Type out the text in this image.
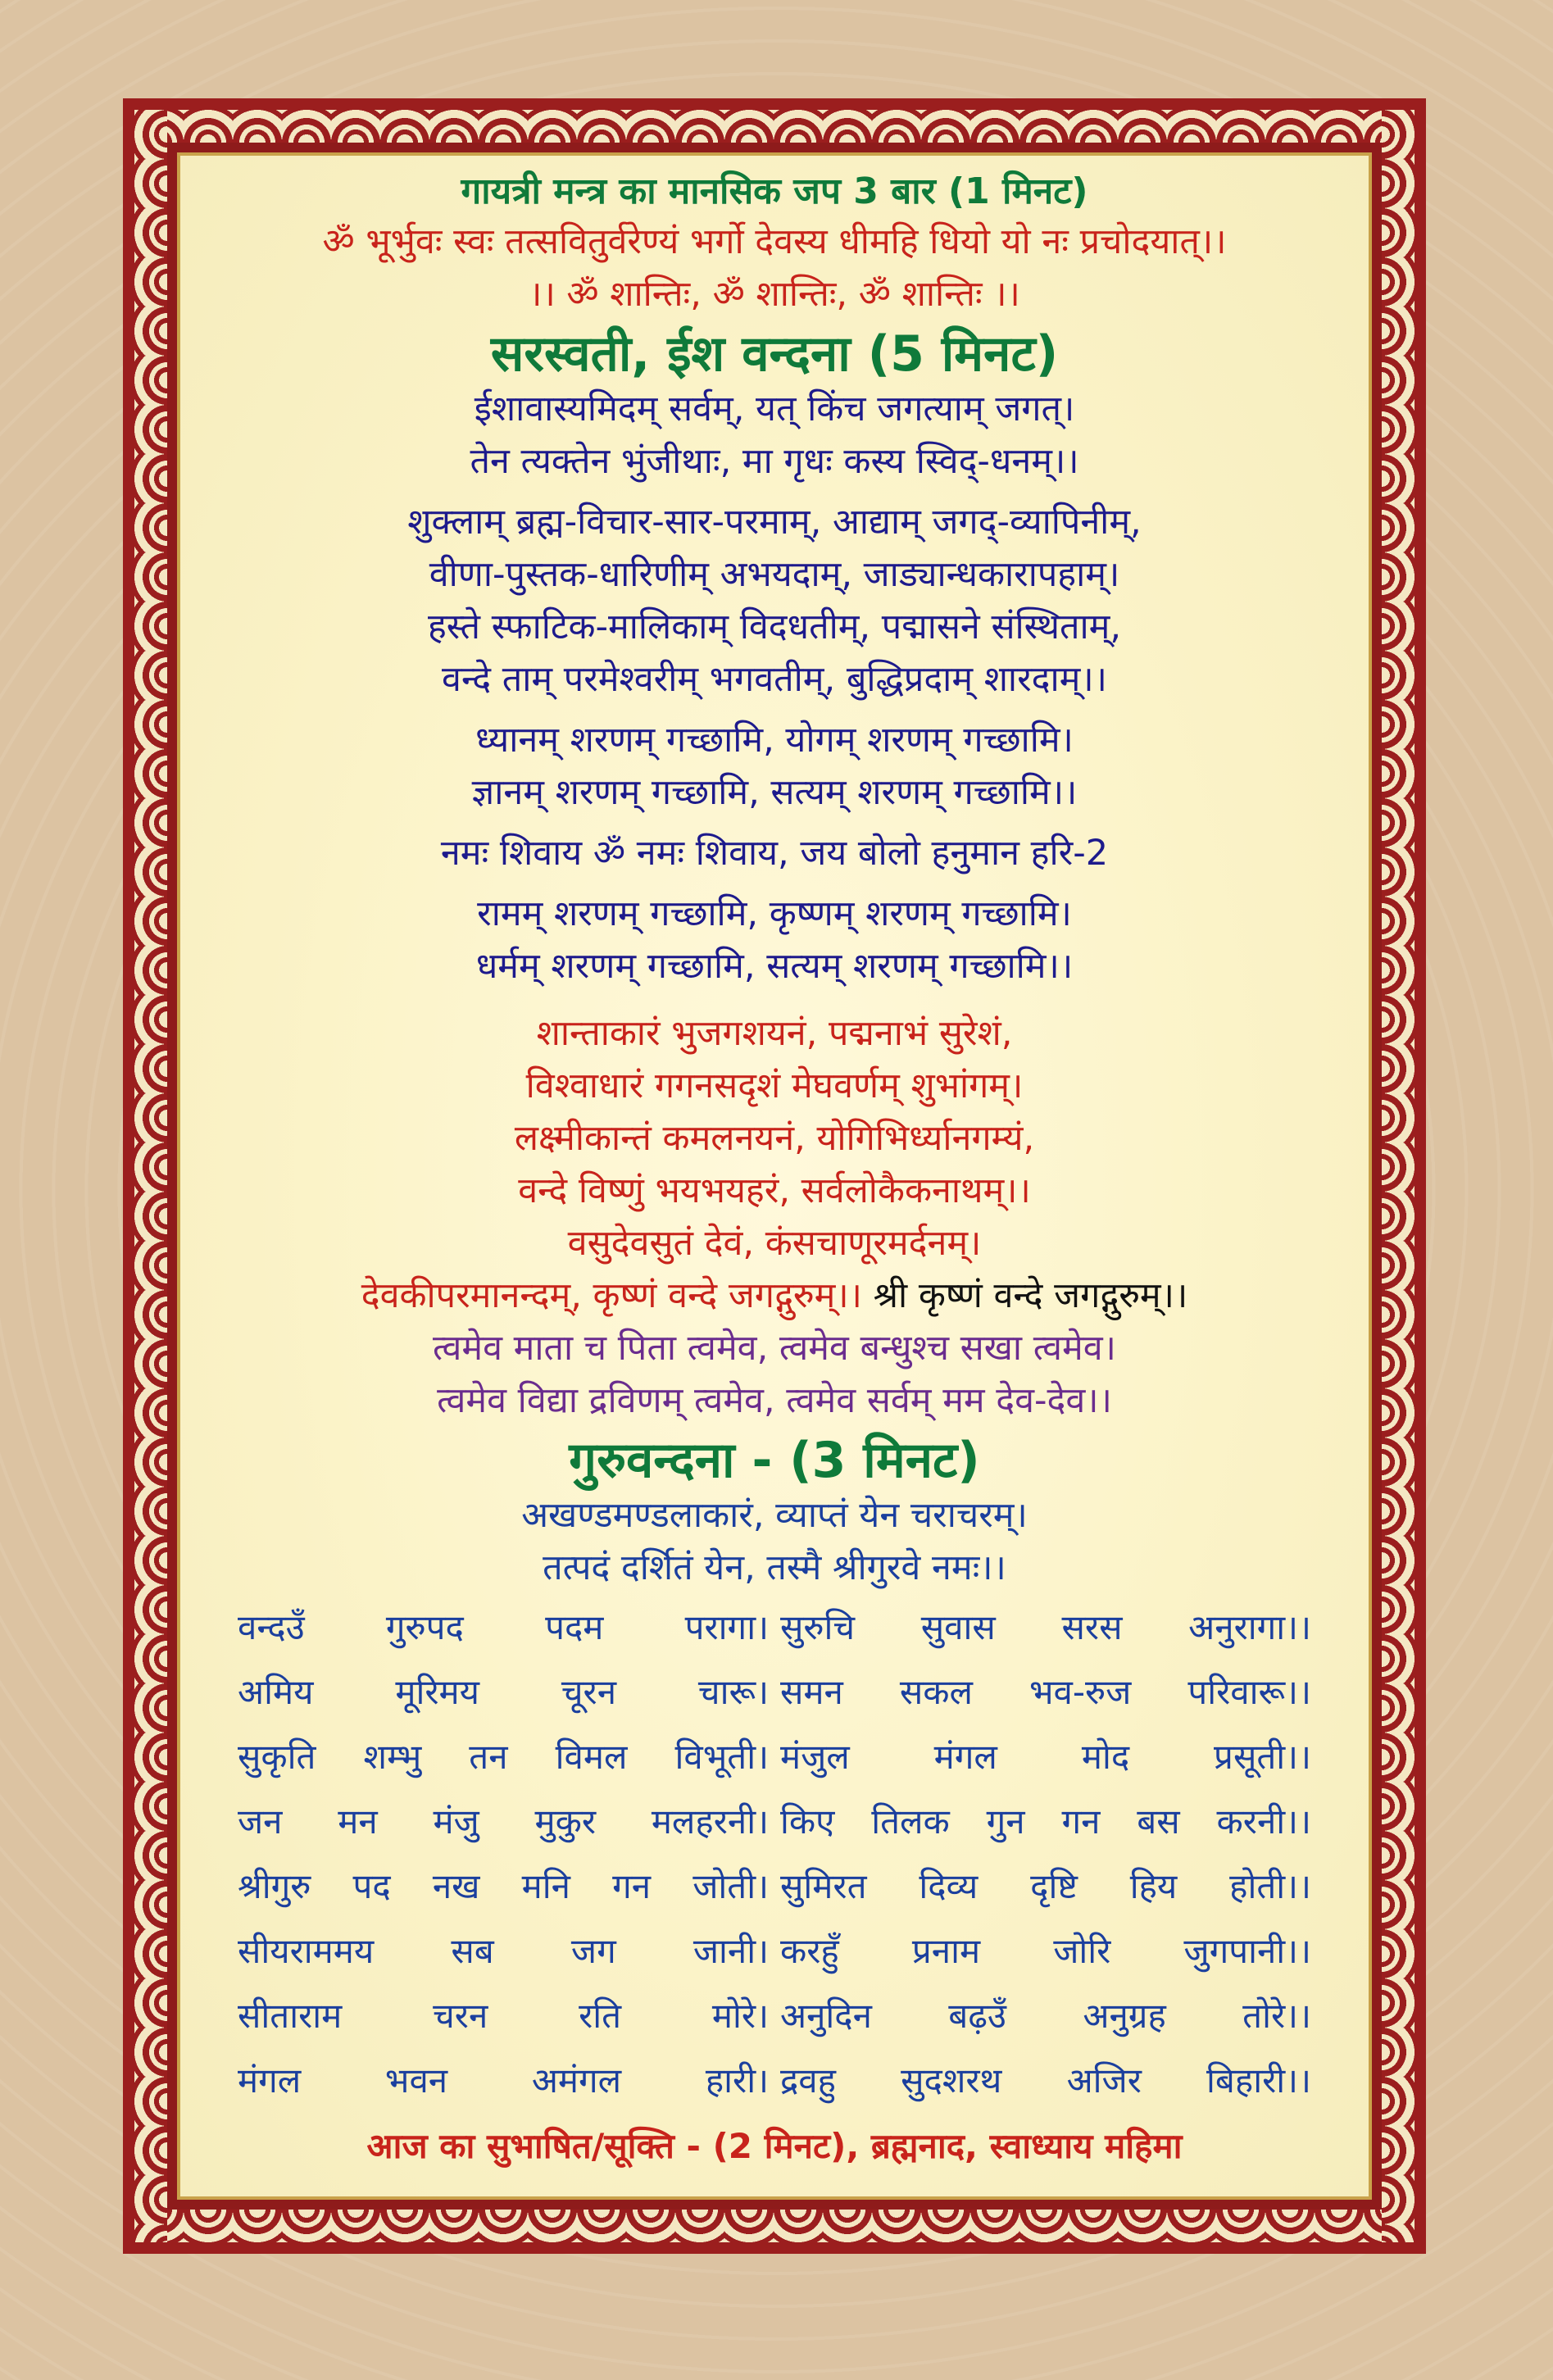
गायत्री मन्त्र का मानसिक जप 3 बार (1 मिनट)
ॐ भूर्भुवः स्वः तत्सवितुर्वरेण्यं भर्गो देवस्य धीमहि धियो यो नः प्रचोदयात्।।
।। ॐ शान्तिः, ॐ शान्तिः, ॐ शान्तिः ।।
सरस्वती, ईश वन्दना (5 मिनट)
ईशावास्यमिदम् सर्वम्, यत् किंच जगत्याम् जगत्।
तेन त्यक्तेन भुंजीथाः, मा गृधः कस्य स्विद्-धनम्।।
शुक्लाम् ब्रह्म-विचार-सार-परमाम्, आद्याम् जगद्-व्यापिनीम्,
वीणा-पुस्तक-धारिणीम् अभयदाम्, जाड्यान्धकारापहाम्।
हस्ते स्फाटिक-मालिकाम् विदधतीम्, पद्मासने संस्थिताम्,
वन्दे ताम् परमेश्वरीम् भगवतीम्, बुद्धिप्रदाम् शारदाम्।।
ध्यानम् शरणम् गच्छामि, योगम् शरणम् गच्छामि।
ज्ञानम् शरणम् गच्छामि, सत्यम् शरणम् गच्छामि।।
नमः शिवाय ॐ नमः शिवाय, जय बोलो हनुमान हरि-2
रामम् शरणम् गच्छामि, कृष्णम् शरणम् गच्छामि।
धर्मम् शरणम् गच्छामि, सत्यम् शरणम् गच्छामि।।
शान्ताकारं भुजगशयनं, पद्मनाभं सुरेशं,
विश्वाधारं गगनसदृशं मेघवर्णम् शुभांगम्।
लक्ष्मीकान्तं कमलनयनं, योगिभिर्ध्यानगम्यं,
वन्दे विष्णुं भयभयहरं, सर्वलोकैकनाथम्।।
वसुदेवसुतं देवं, कंसचाणूरमर्दनम्।
देवकीपरमानन्दम्, कृष्णं वन्दे जगद्गुरुम्।। श्री कृष्णं वन्दे जगद्गुरुम्।।
त्वमेव माता च पिता त्वमेव, त्वमेव बन्धुश्च सखा त्वमेव।
त्वमेव विद्या द्रविणम् त्वमेव, त्वमेव सर्वम् मम देव-देव।।
गुरुवन्दना - (3 मिनट)
अखण्डमण्डलाकारं, व्याप्तं येन चराचरम्।
तत्पदं दर्शितं येन, तस्मै श्रीगुरवे नमः।।
वन्दउँ गुरुपद पदम परागा। सुरुचि सुवास सरस अनुरागा।।
अमिय मूरिमय चूरन चारू। समन सकल भव-रुज परिवारू।।
सुकृति शम्भु तन विमल विभूती। मंजुल मंगल मोद प्रसूती।।
जन मन मंजु मुकुर मलहरनी। किए तिलक गुन गन बस करनी।।
श्रीगुरु पद नख मनि गन जोती। सुमिरत दिव्य दृष्टि हिय होती।।
सीयराममय सब जग जानी। करहुँ प्रनाम जोरि जुगपानी।।
सीताराम चरन रति मोरे। अनुदिन बढ़उँ अनुग्रह तोरे।।
मंगल भवन अमंगल हारी। द्रवहु सुदशरथ अजिर बिहारी।।
आज का सुभाषित/सूक्ति - (2 मिनट), ब्रह्मनाद, स्वाध्याय महिमा
